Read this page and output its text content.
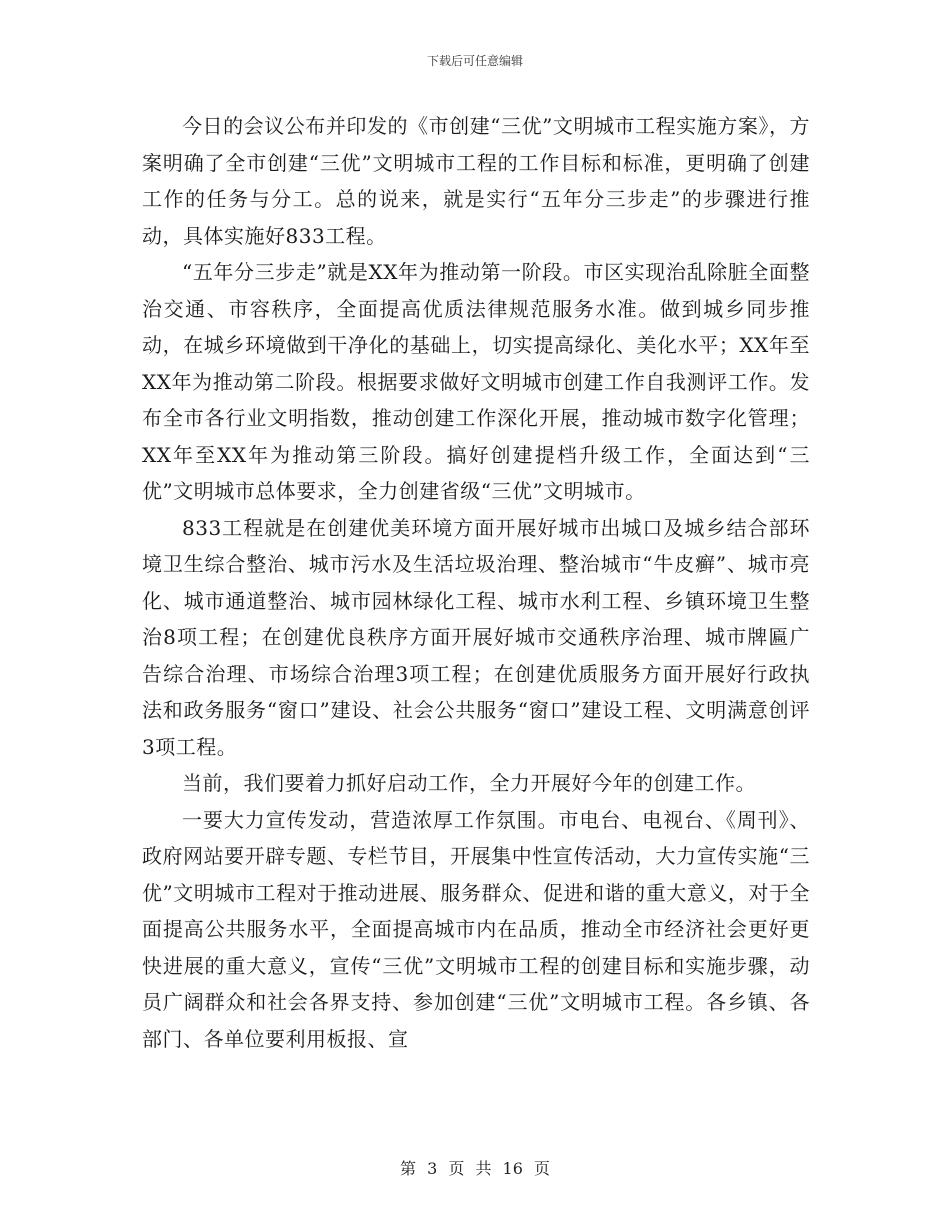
下载后可任意编辑

今日的会议公布并印发的《市创建“三优”文明城市工程实施方案》，方案明确了全市创建“三优”文明城市工程的工作目标和标准，更明确了创建工作的任务与分工。总的说来，就是实行“五年分三步走”的步骤进行推动，具体实施好833工程。

“五年分三步走”就是XX年为推动第一阶段。市区实现治乱除脏全面整治交通、市容秩序，全面提高优质法律规范服务水准。做到城乡同步推动，在城乡环境做到干净化的基础上，切实提高绿化、美化水平；XX年至XX年为推动第二阶段。根据要求做好文明城市创建工作自我测评工作。发布全市各行业文明指数，推动创建工作深化开展，推动城市数字化管理；XX年至XX年为推动第三阶段。搞好创建提档升级工作，全面达到“三优”文明城市总体要求，全力创建省级“三优”文明城市。

833工程就是在创建优美环境方面开展好城市出城口及城乡结合部环境卫生综合整治、城市污水及生活垃圾治理、整治城市“牛皮癣”、城市亮化、城市通道整治、城市园林绿化工程、城市水利工程、乡镇环境卫生整治8项工程；在创建优良秩序方面开展好城市交通秩序治理、城市牌匾广告综合治理、市场综合治理3项工程；在创建优质服务方面开展好行政执法和政务服务“窗口”建设、社会公共服务“窗口”建设工程、文明满意创评3项工程。

当前，我们要着力抓好启动工作，全力开展好今年的创建工作。

一要大力宣传发动，营造浓厚工作氛围。市电台、电视台、《周刊》、政府网站要开辟专题、专栏节目，开展集中性宣传活动，大力宣传实施“三优”文明城市工程对于推动进展、服务群众、促进和谐的重大意义，对于全面提高公共服务水平，全面提高城市内在品质，推动全市经济社会更好更快进展的重大意义，宣传“三优”文明城市工程的创建目标和实施步骤，动员广阔群众和社会各界支持、参加创建“三优”文明城市工程。各乡镇、各部门、各单位要利用板报、宣

第 3 页 共 16 页
